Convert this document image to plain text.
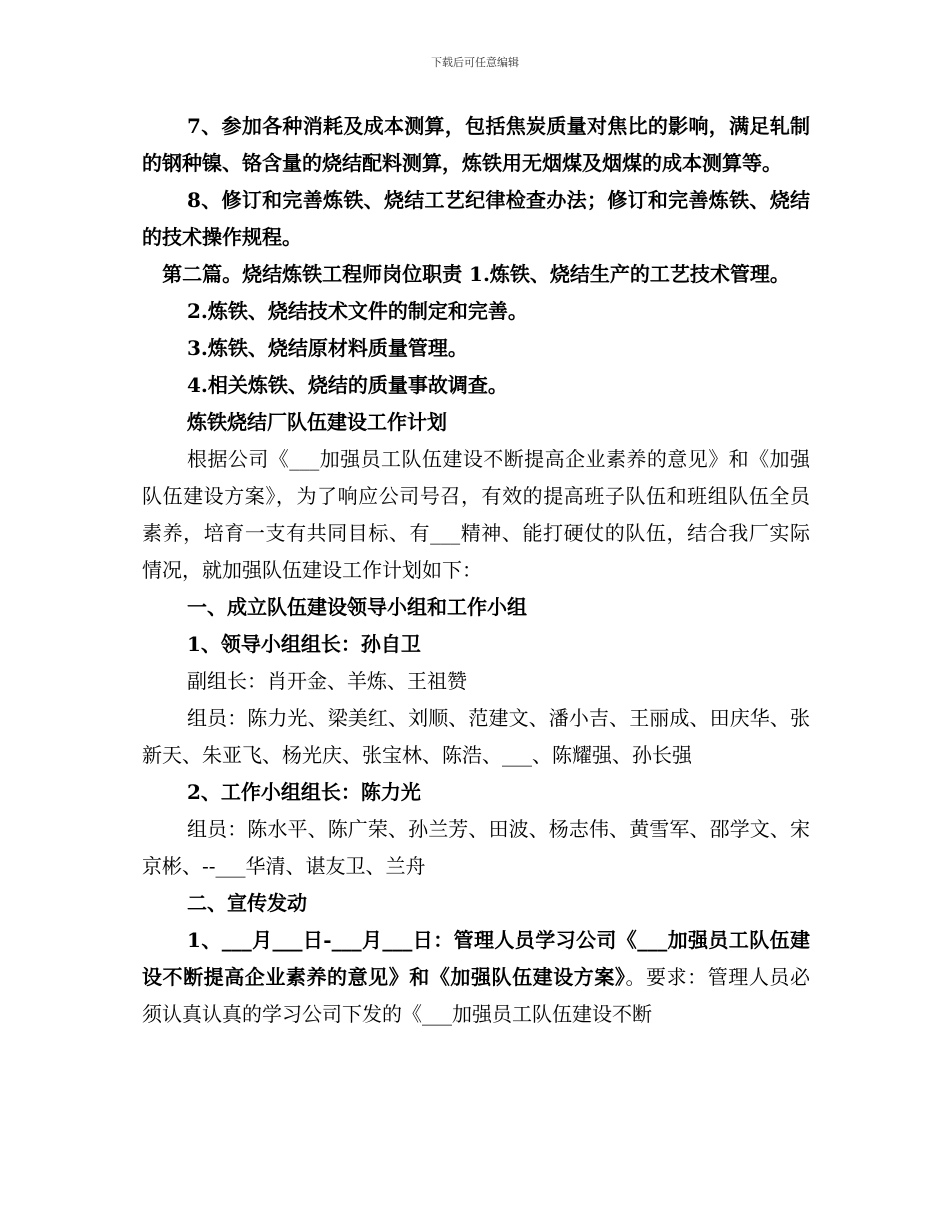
下载后可任意编辑

7、参加各种消耗及成本测算，包括焦炭质量对焦比的影响，满足轧制的钢种镍、铬含量的烧结配料测算，炼铁用无烟煤及烟煤的成本测算等。

8、修订和完善炼铁、烧结工艺纪律检查办法；修订和完善炼铁、烧结的技术操作规程。

第二篇。烧结炼铁工程师岗位职责 1.炼铁、烧结生产的工艺技术管理。

2.炼铁、烧结技术文件的制定和完善。

3.炼铁、烧结原材料质量管理。

4.相关炼铁、烧结的质量事故调查。

炼铁烧结厂队伍建设工作计划

根据公司《___加强员工队伍建设不断提高企业素养的意见》和《加强队伍建设方案》，为了响应公司号召，有效的提高班子队伍和班组队伍全员素养，培育一支有共同目标、有___精神、能打硬仗的队伍，结合我厂实际情况，就加强队伍建设工作计划如下：

一、成立队伍建设领导小组和工作小组

1、领导小组组长：孙自卫

副组长：肖开金、羊炼、王祖赞

组员：陈力光、梁美红、刘顺、范建文、潘小吉、王丽成、田庆华、张新天、朱亚飞、杨光庆、张宝林、陈浩、___、陈耀强、孙长强

2、工作小组组长：陈力光

组员：陈水平、陈广荣、孙兰芳、田波、杨志伟、黄雪军、邵学文、宋京彬、--___华清、谌友卫、兰舟

二、宣传发动

1、___月___日-___月___日：管理人员学习公司《___加强员工队伍建设不断提高企业素养的意见》和《加强队伍建设方案》。要求：管理人员必须认真认真的学习公司下发的《___加强员工队伍建设不断
